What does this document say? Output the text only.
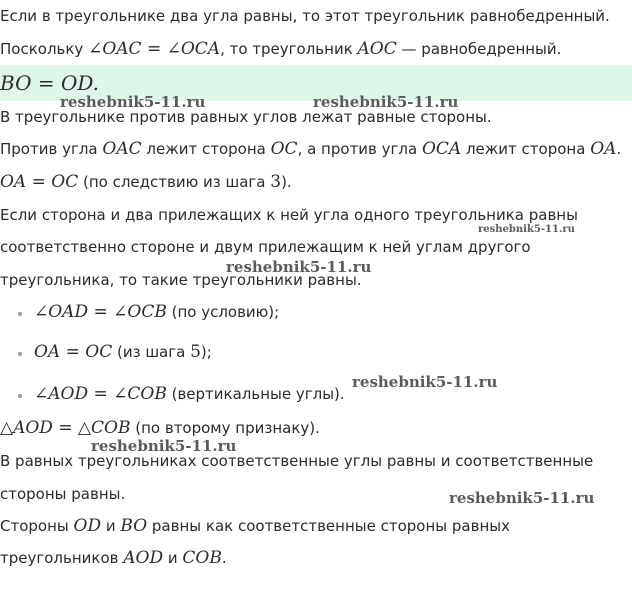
Если в треугольнике два угла равны, то этот треугольник равнобедренный.
Поскольку ∠OAC = ∠OCA, то треугольник AOC — равнобедренный.
BO = OD.
В треугольнике против равных углов лежат равные стороны.
Против угла OAC лежит сторона OC, а против угла OCA лежит сторона OA.
OA = OC (по следствию из шага 3).
Если сторона и два прилежащих к ней угла одного треугольника равны
соответственно стороне и двум прилежащим к ней углам другого
треугольника, то такие треугольники равны.
∠OAD = ∠OCB (по условию);
OA = OC (из шага 5);
∠AOD = ∠COB (вертикальные углы).
△AOD = △COB (по второму признаку).
В равных треугольниках соответственные углы равны и соответственные
стороны равны.
Стороны OD и BO равны как соответственные стороны равных
треугольников AOD и COB.
reshebnik5-11.ru	reshebnik5-11.ru
reshebnik5-11.ru
reshebnik5-11.ru
reshebnik5-11.ru
reshebnik5-11.ru
reshebnik5-11.ru
